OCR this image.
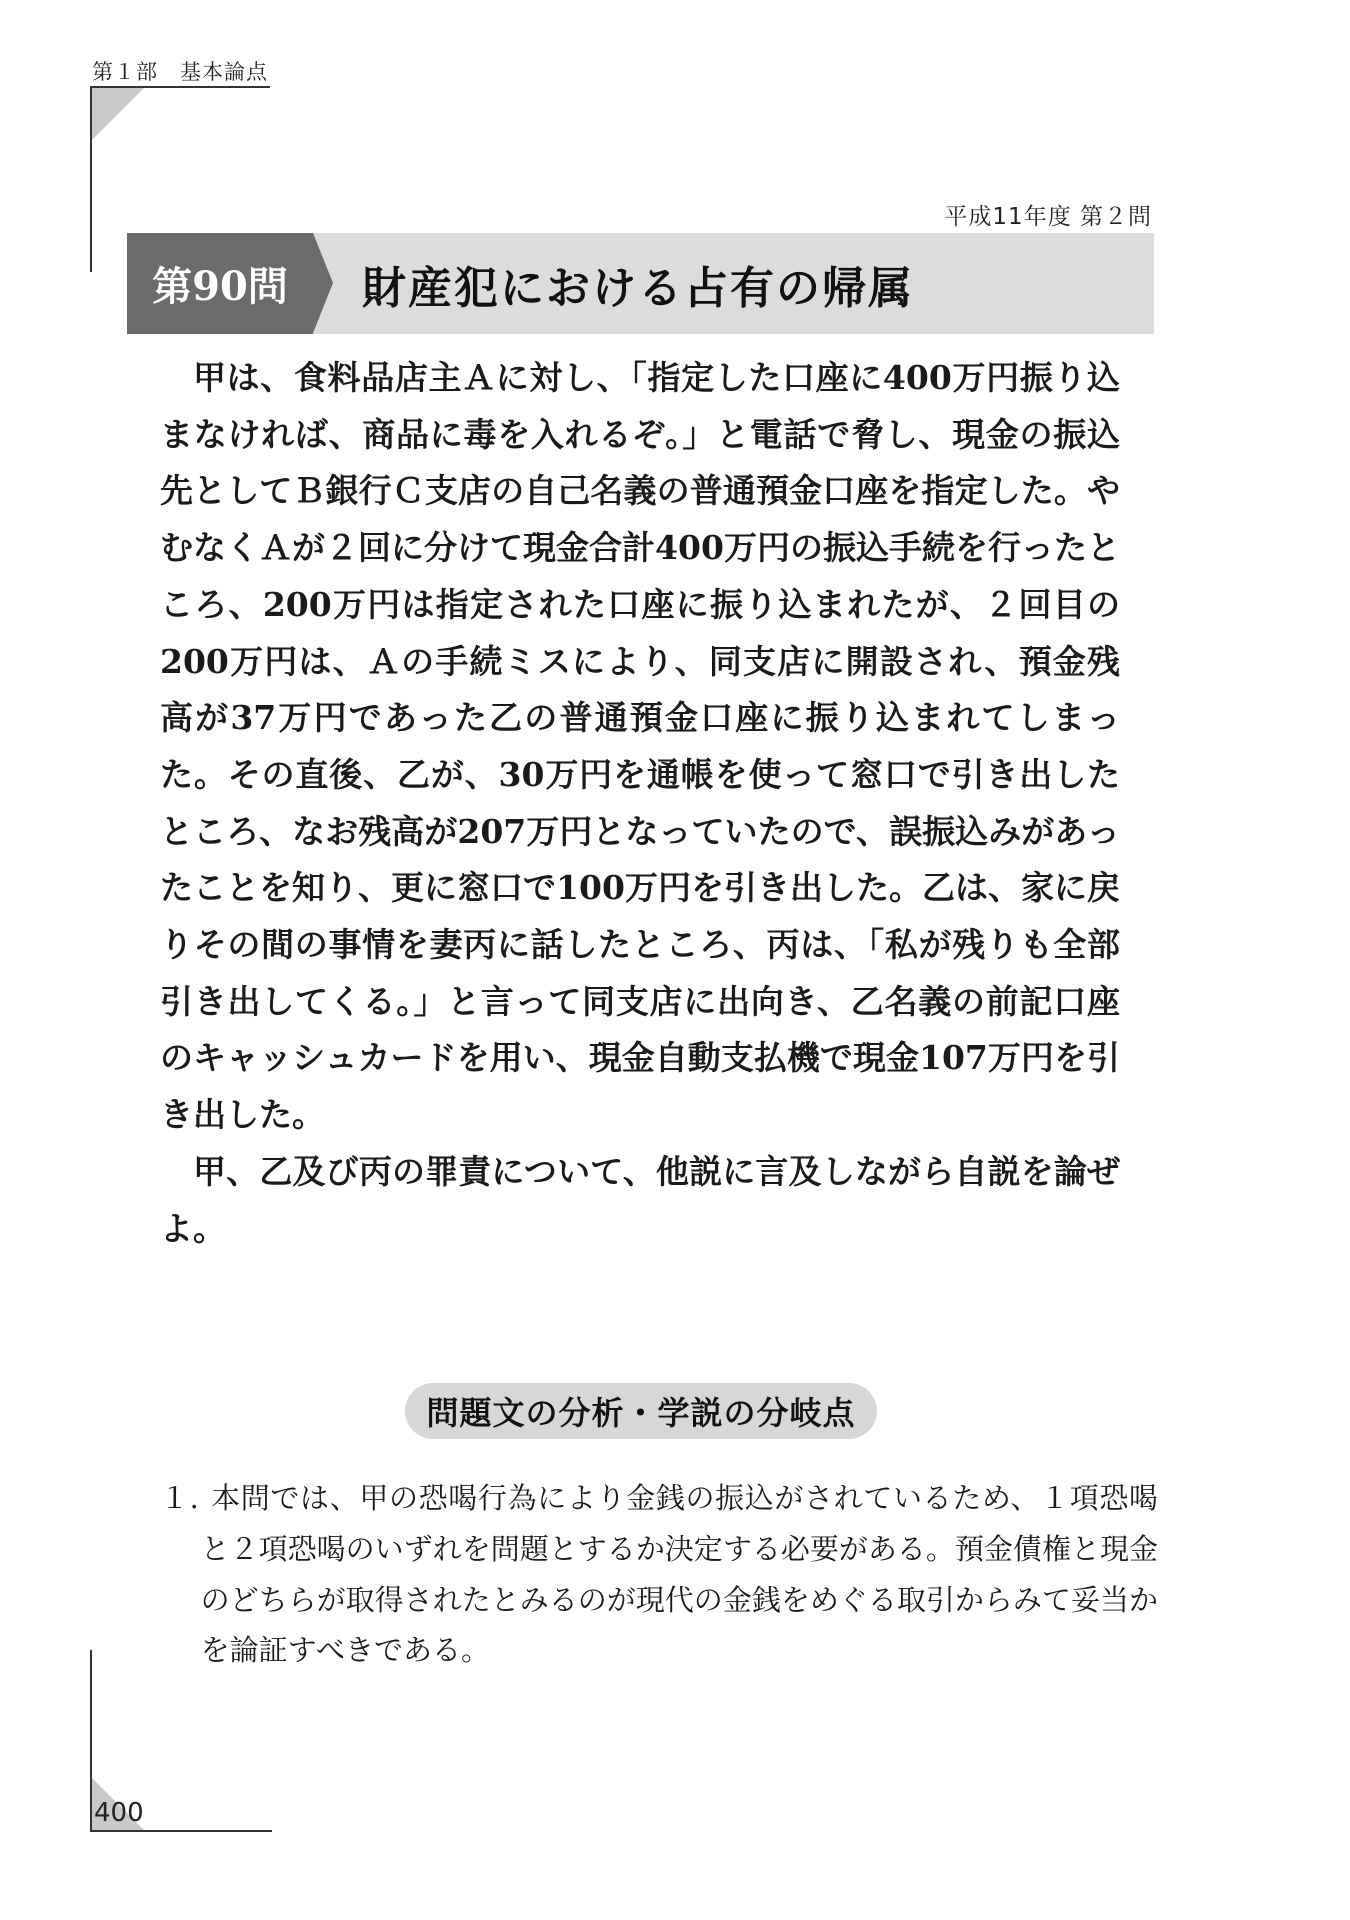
第１部　基本論点
平成11年度 第２問
第90問	財産犯における占有の帰属

甲は、食料品店主Ａに対し、「指定した口座に400万円振り込まなければ、商品に毒を入れるぞ。」と電話で脅し、現金の振込先としてＢ銀行Ｃ支店の自己名義の普通預金口座を指定した。やむなくＡが２回に分けて現金合計400万円の振込手続を行ったところ、200万円は指定された口座に振り込まれたが、２回目の200万円は、Ａの手続ミスにより、同支店に開設され、預金残高が37万円であった乙の普通預金口座に振り込まれてしまった。その直後、乙が、30万円を通帳を使って窓口で引き出したところ、なお残高が207万円となっていたので、誤振込みがあったことを知り、更に窓口で100万円を引き出した。乙は、家に戻りその間の事情を妻丙に話したところ、丙は、「私が残りも全部引き出してくる。」と言って同支店に出向き、乙名義の前記口座のキャッシュカードを用い、現金自動支払機で現金107万円を引き出した。

甲、乙及び丙の罪責について、他説に言及しながら自説を論ぜよ。

問題文の分析・学説の分岐点

１. 本問では、甲の恐喝行為により金銭の振込がされているため、１項恐喝と２項恐喝のいずれを問題とするか決定する必要がある。預金債権と現金のどちらが取得されたとみるのが現代の金銭をめぐる取引からみて妥当かを論証すべきである。

400
